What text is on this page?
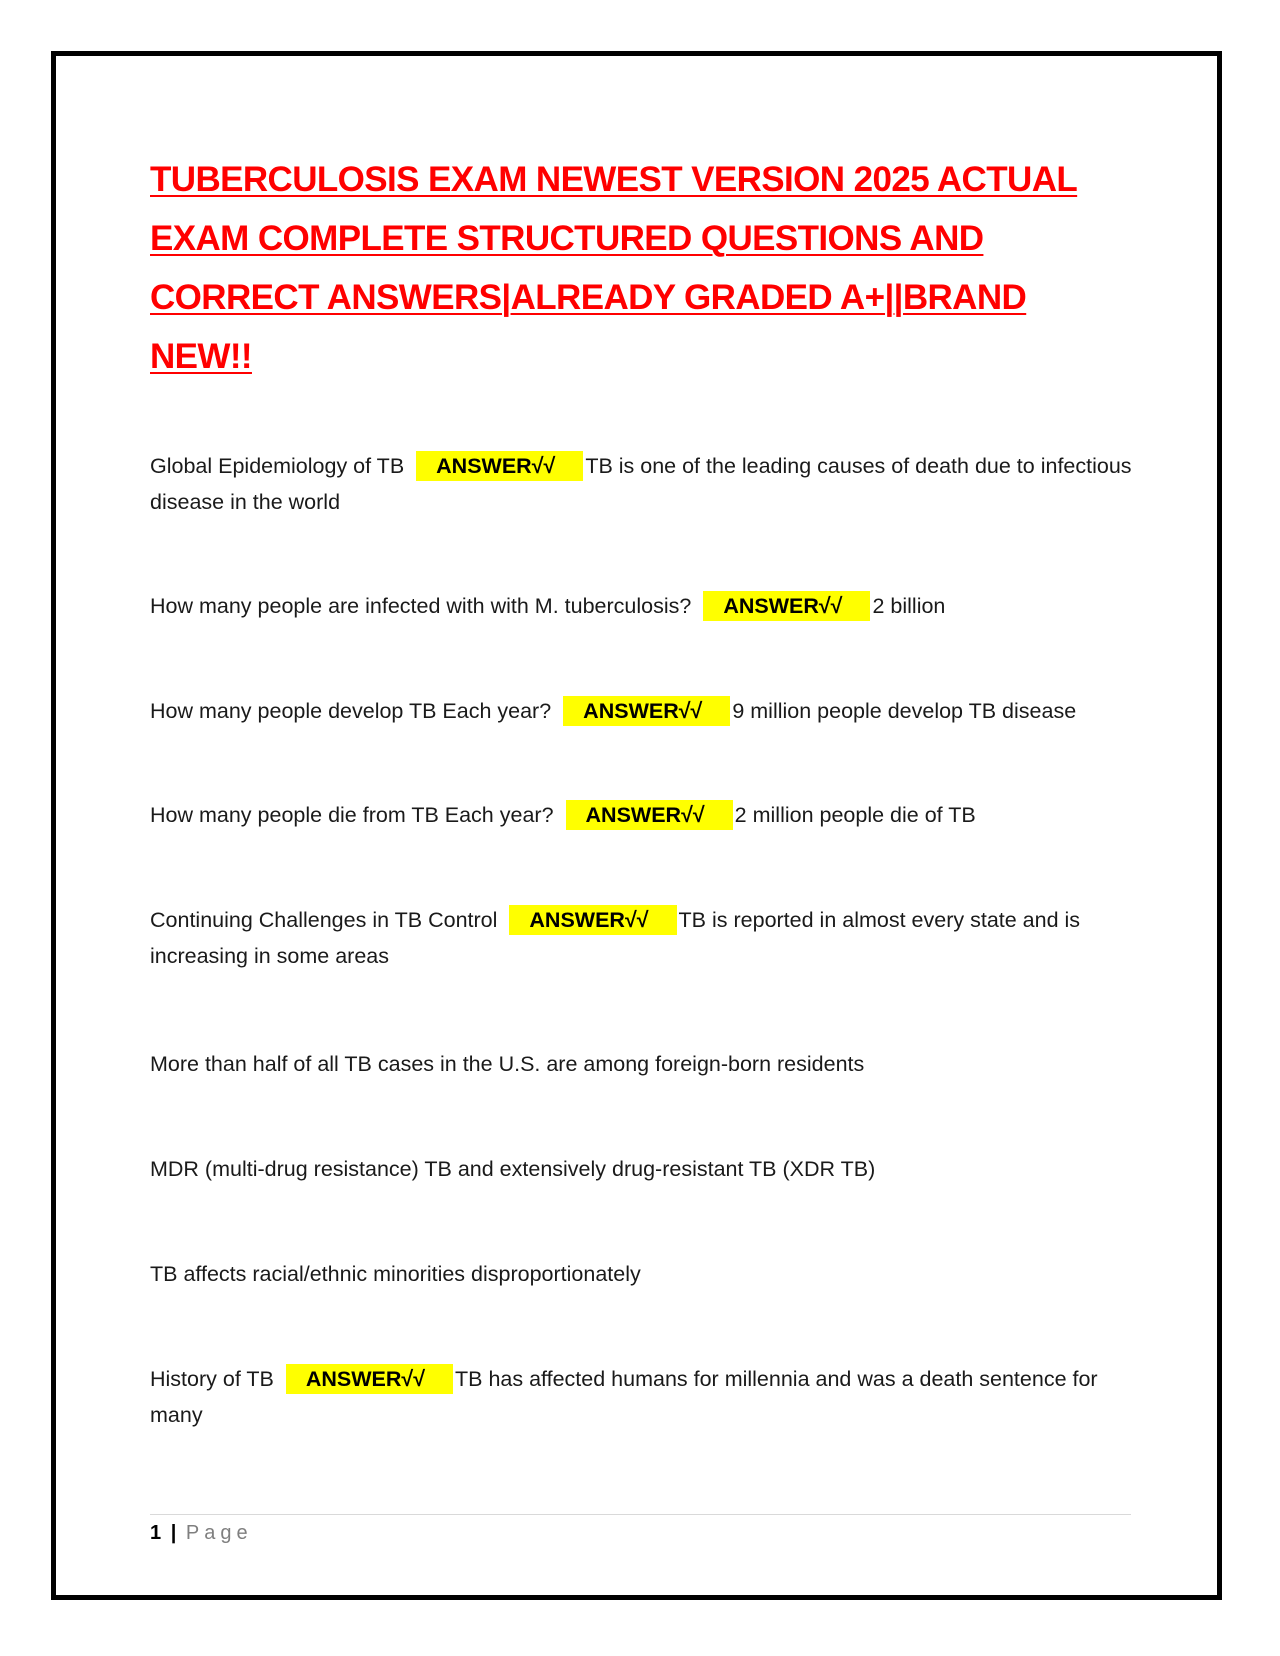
TUBERCULOSIS EXAM NEWEST VERSION 2025 ACTUAL EXAM COMPLETE STRUCTURED QUESTIONS AND CORRECT ANSWERS|ALREADY GRADED A+||BRAND NEW!!

Global Epidemiology of TB ANSWER√√ TB is one of the leading causes of death due to infectious disease in the world

How many people are infected with with M. tuberculosis? ANSWER√√ 2 billion

How many people develop TB Each year? ANSWER√√ 9 million people develop TB disease

How many people die from TB Each year? ANSWER√√ 2 million people die of TB

Continuing Challenges in TB Control ANSWER√√ TB is reported in almost every state and is increasing in some areas

More than half of all TB cases in the U.S. are among foreign-born residents

MDR (multi-drug resistance) TB and extensively drug-resistant TB (XDR TB)

TB affects racial/ethnic minorities disproportionately

History of TB ANSWER√√ TB has affected humans for millennia and was a death sentence for many

1 | Page
